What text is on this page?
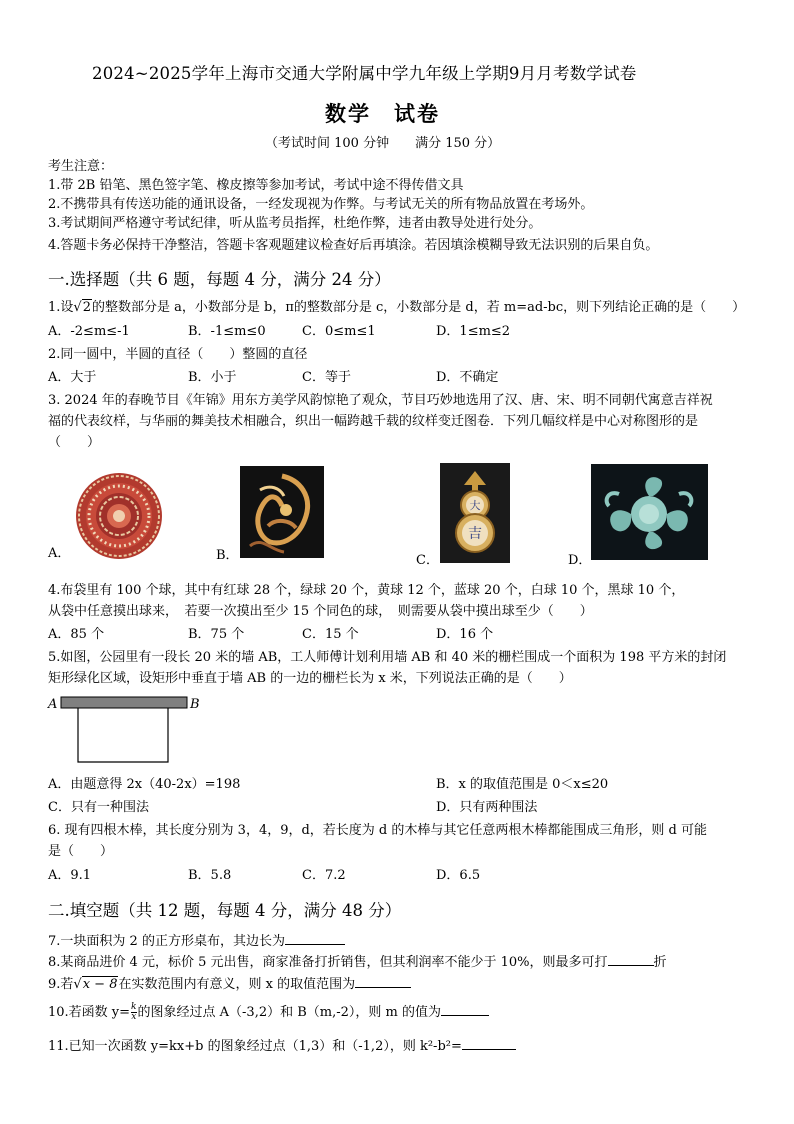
2024~2025学年上海市交通大学附属中学九年级上学期9月月考数学试卷
数学　试卷
（考试时间 100 分钟　　满分 150 分）
考生注意：
1.带 2B 铅笔、黑色签字笔、橡皮擦等参加考试，考试中途不得传借文具
2.不携带具有传送功能的通讯设备，一经发现视为作弊。与考试无关的所有物品放置在考场外。
3.考试期间严格遵守考试纪律，听从监考员指挥，杜绝作弊，违者由教导处进行处分。
4.答题卡务必保持干净整洁，答题卡客观题建议检查好后再填涂。若因填涂模糊导致无法识别的后果自负。
一.选择题（共 6 题，每题 4 分，满分 24 分）
1.设√2的整数部分是 a，小数部分是 b，π的整数部分是 c，小数部分是 d，若 m=ad-bc，则下列结论正确的是（　　）
A．-2≤m≤-1	B．-1≤m≤0	C．0≤m≤1	D．1≤m≤2
2.同一圆中，半圆的直径（　　）整圆的直径
A．大于	B．小于	C．等于	D．不确定
3. 2024 年的春晚节目《年锦》用东方美学风韵惊艳了观众，节目巧妙地选用了汉、唐、宋、明不同朝代寓意吉祥祝
福的代表纹样，与华丽的舞美技术相融合，织出一幅跨越千载的纹样变迁图卷．下列几幅纹样是中心对称图形的是
（　　）
A．	B．
大
吉
C．	D．
4.布袋里有 100 个球，其中有红球 28 个，绿球 20 个，黄球 12 个，蓝球 20 个，白球 10 个，黑球 10 个，
从袋中任意摸出球来，　若要一次摸出至少 15 个同色的球，　则需要从袋中摸出球至少（　　）
A．85 个	B．75 个	C．15 个	D．16 个
5.如图，公园里有一段长 20 米的墙 AB，工人师傅计划利用墙 AB 和 40 米的栅栏围成一个面积为 198 平方米的封闭
矩形绿化区域，设矩形中垂直于墙 AB 的一边的栅栏长为 x 米，下列说法正确的是（　　）
A	B
A．由题意得 2x（40-2x）=198	B．x 的取值范围是 0＜x≤20
C．只有一种围法	D．只有两种围法
6. 现有四根木棒，其长度分别为 3，4，9，d，若长度为 d 的木棒与其它任意两根木棒都能围成三角形，则 d 可能
是（　　）
A．9.1	B．5.8	C．7.2	D．6.5
二.填空题（共 12 题，每题 4 分，满分 48 分）
7.一块面积为 2 的正方形桌布，其边长为
8.某商品进价 4 元，标价 5 元出售，商家准备打折销售，但其利润率不能少于 10%，则最多可打	折
9.若√x − 8在实数范围内有意义，则 x 的取值范围为
10.若函数 $y= \frac{k}{x}$ 的图象经过点 A（-3,2）和 B（m,-2），则 m 的值为
11.已知一次函数 y=kx+b 的图象经过点（1,3）和（-1,2），则 k²-b²=
